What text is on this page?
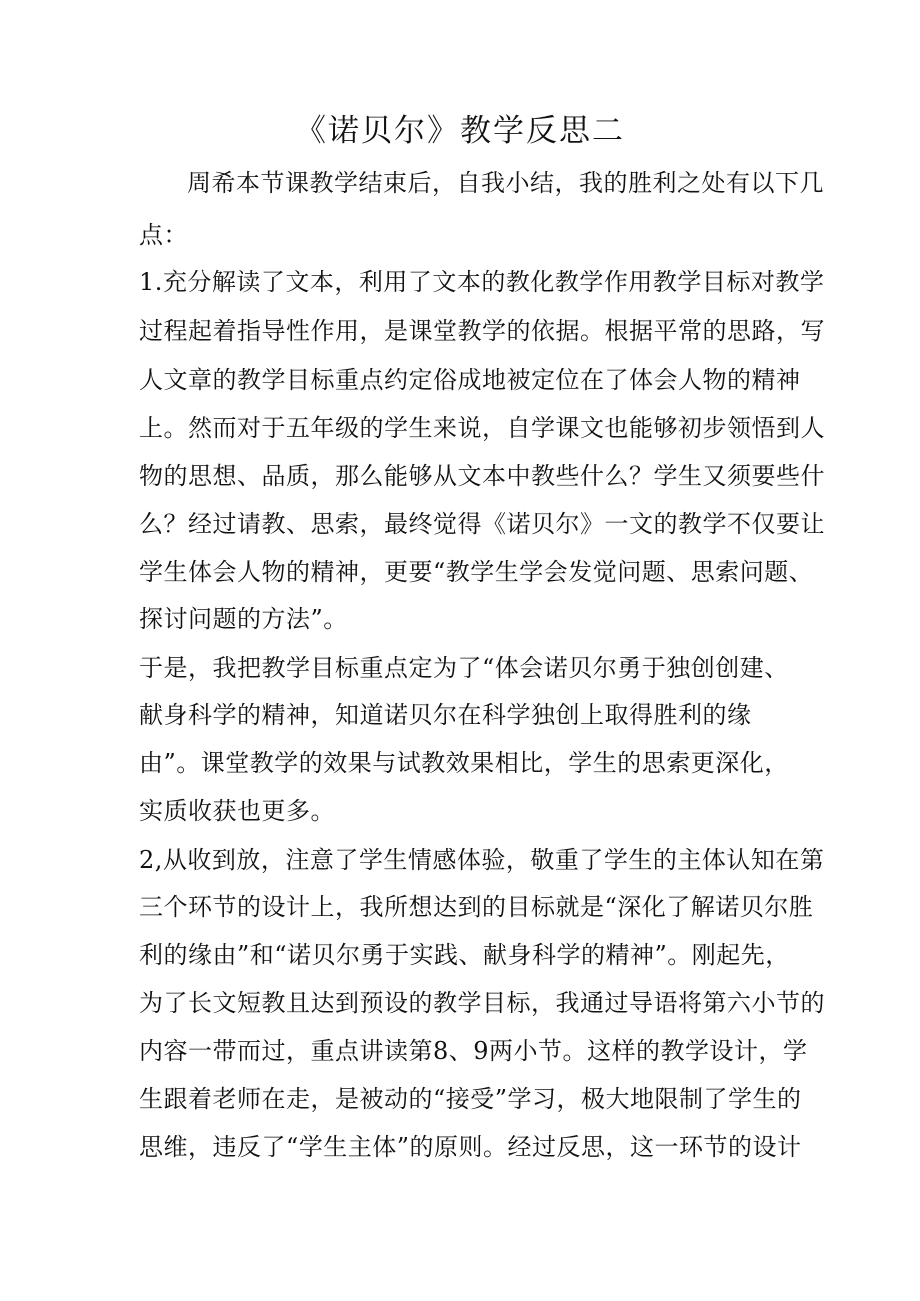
《诺贝尔》教学反思二
周希本节课教学结束后，自我小结，我的胜利之处有以下几
点：
1.充分解读了文本，利用了文本的教化教学作用教学目标对教学
过程起着指导性作用，是课堂教学的依据。根据平常的思路，写
人文章的教学目标重点约定俗成地被定位在了体会人物的精神
上。然而对于五年级的学生来说，自学课文也能够初步领悟到人
物的思想、品质，那么能够从文本中教些什么？学生又须要些什
么？经过请教、思索，最终觉得《诺贝尔》一文的教学不仅要让
学生体会人物的精神，更要“教学生学会发觉问题、思索问题、
探讨问题的方法”。
于是，我把教学目标重点定为了“体会诺贝尔勇于独创创建、
献身科学的精神，知道诺贝尔在科学独创上取得胜利的缘
由”。课堂教学的效果与试教效果相比，学生的思索更深化，
实质收获也更多。
2,从收到放，注意了学生情感体验，敬重了学生的主体认知在第
三个环节的设计上，我所想达到的目标就是“深化了解诺贝尔胜
利的缘由”和“诺贝尔勇于实践、献身科学的精神”。刚起先，
为了长文短教且达到预设的教学目标，我通过导语将第六小节的
内容一带而过，重点讲读第8、9两小节。这样的教学设计，学
生跟着老师在走，是被动的“接受”学习，极大地限制了学生的
思维，违反了“学生主体”的原则。经过反思，这一环节的设计
